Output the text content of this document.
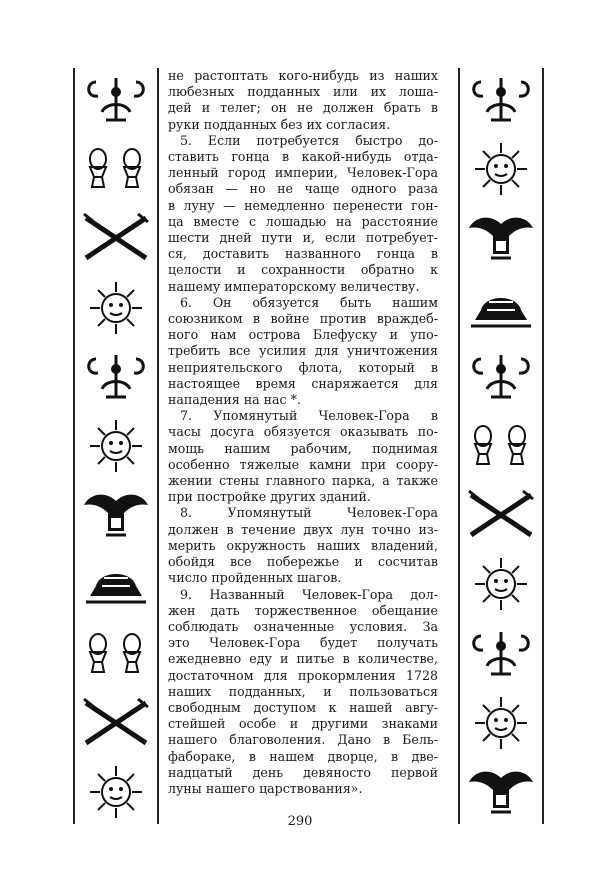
не растоптать кого-нибудь из наших
любезных подданных или их лоша-
дей и телег; он не должен брать в
руки подданных без их согласия.
5. Если потребуется быстро до-
ставить гонца в какой-нибудь отда-
ленный город империи, Человек-Гора
обязан — но не чаще одного раза
в луну — немедленно перенести гон-
ца вместе с лошадью на расстояние
шести дней пути и, если потребует-
ся, доставить названного гонца в
целости и сохранности обратно к
нашему императорскому величеству.
6. Он обязуется быть нашим
союзником в войне против враждеб-
ного нам острова Блефуску и упо-
требить все усилия для уничтожения
неприятельского флота, который в
настоящее время снаряжается для
нападения на нас *.
7. Упомянутый Человек-Гора в
часы досуга обязуется оказывать по-
мощь нашим рабочим, поднимая
особенно тяжелые камни при соору-
жении стены главного парка, а также
при постройке других зданий.
8. Упомянутый Человек-Гора
должен в течение двух лун точно из-
мерить окружность наших владений,
обойдя все побережье и сосчитав
число пройденных шагов.
9. Названный Человек-Гора дол-
жен дать торжественное обещание
соблюдать означенные условия. За
это Человек-Гора будет получать
ежедневно еду и питье в количестве,
достаточном для прокормления 1728
наших подданных, и пользоваться
свободным доступом к нашей авгу-
стейшей особе и другими знаками
нашего благоволения. Дано в Бель-
фабораке, в нашем дворце, в две-
надцатый день девяносто первой
луны нашего царствования».
290
